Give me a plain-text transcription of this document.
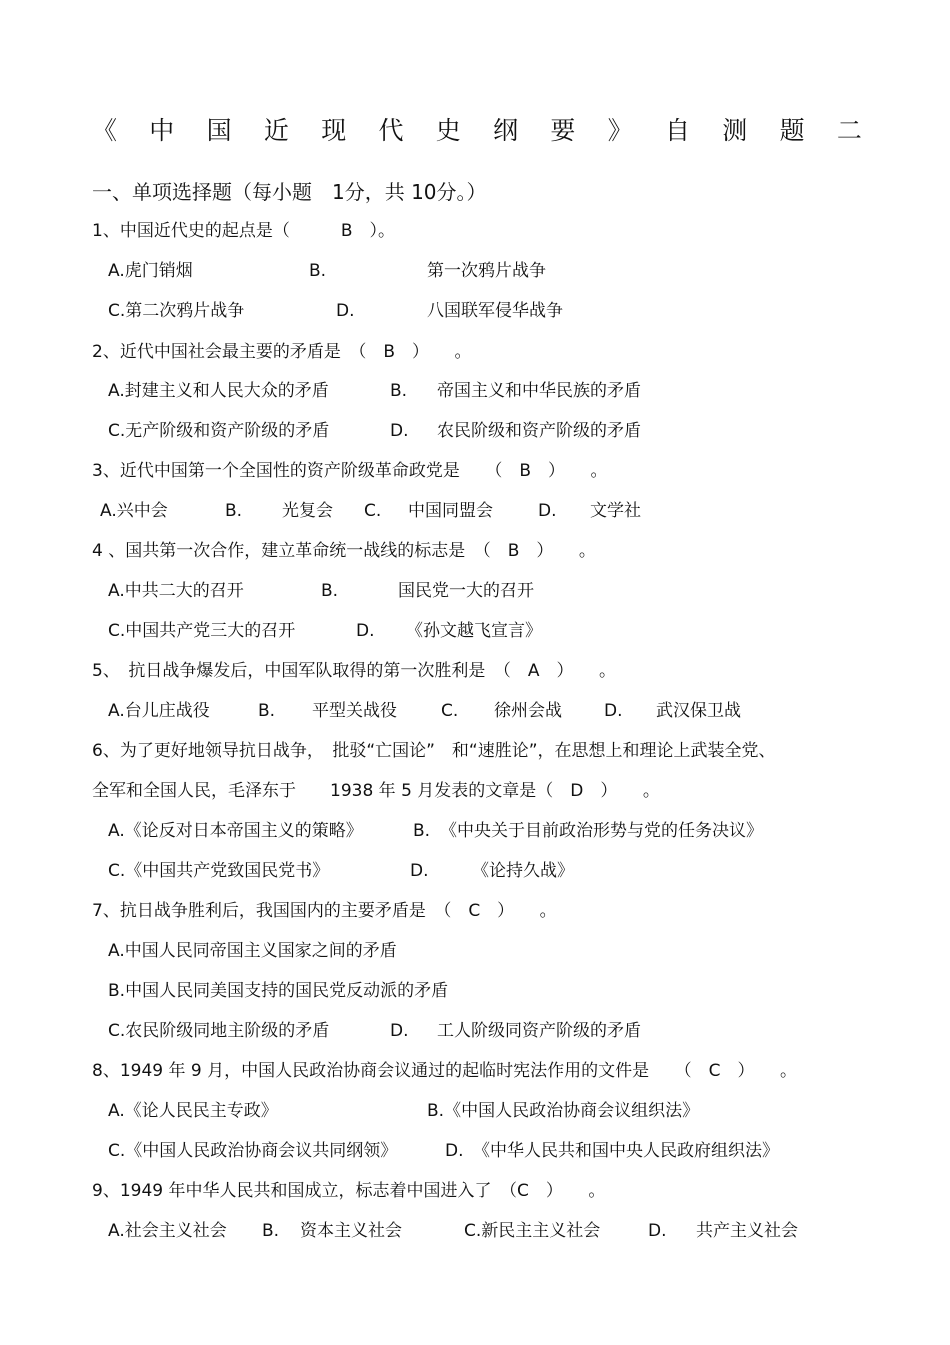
《 中 国 近 现 代 史 纲 要 》 自 测 题 二
一、单项选择题（每小题　1分，共 10分。）
1、中国近代史的起点是（　　　B　）。
A.虎门销烟	B.	第一次鸦片战争
C.第二次鸦片战争	D.	八国联军侵华战争
2、近代中国社会最主要的矛盾是　（　B　）　　。
A.封建主义和人民大众的矛盾	B. 帝国主义和中华民族的矛盾
C.无产阶级和资产阶级的矛盾	D. 农民阶级和资产阶级的矛盾
3、近代中国第一个全国性的资产阶级革命政党是　　（　B　）　　。
A.兴中会	B. 光复会 C. 中国同盟会	D. 文学社
4 、国共第一次合作，建立革命统一战线的标志是　（　B　）　　。
A.中共二大的召开	B.	国民党一大的召开
C.中国共产党三大的召开	D. 《孙文越飞宣言》
5、　抗日战争爆发后，中国军队取得的第一次胜利是　（　A　）　　。
A.台儿庄战役	B. 平型关战役	C. 徐州会战 D. 武汉保卫战
6、为了更好地领导抗日战争，　批驳“亡国论”　和“速胜论”，在思想上和理论上武装全党、
全军和全国人民，毛泽东于　　1938 年 5 月发表的文章是（　D　）　　。
A.《论反对日本帝国主义的策略》	B. 《中央关于目前政治形势与党的任务决议》
C.《中国共产党致国民党书》	D.	《论持久战》
7、抗日战争胜利后，我国国内的主要矛盾是　（　C　）　　。
A.中国人民同帝国主义国家之间的矛盾
B.中国人民同美国支持的国民党反动派的矛盾
C.农民阶级同地主阶级的矛盾	D. 工人阶级同资产阶级的矛盾
8、1949 年 9 月，中国人民政治协商会议通过的起临时宪法作用的文件是　　（　C　）　　。
A.《论人民民主专政》	B.《中国人民政治协商会议组织法》
C.《中国人民政治协商会议共同纲领》	D. 《中华人民共和国中央人民政府组织法》
9、1949 年中华人民共和国成立，标志着中国进入了　（C　）　　。
A.社会主义社会 B. 资本主义社会	C.新民主主义社会	D. 共产主义社会
